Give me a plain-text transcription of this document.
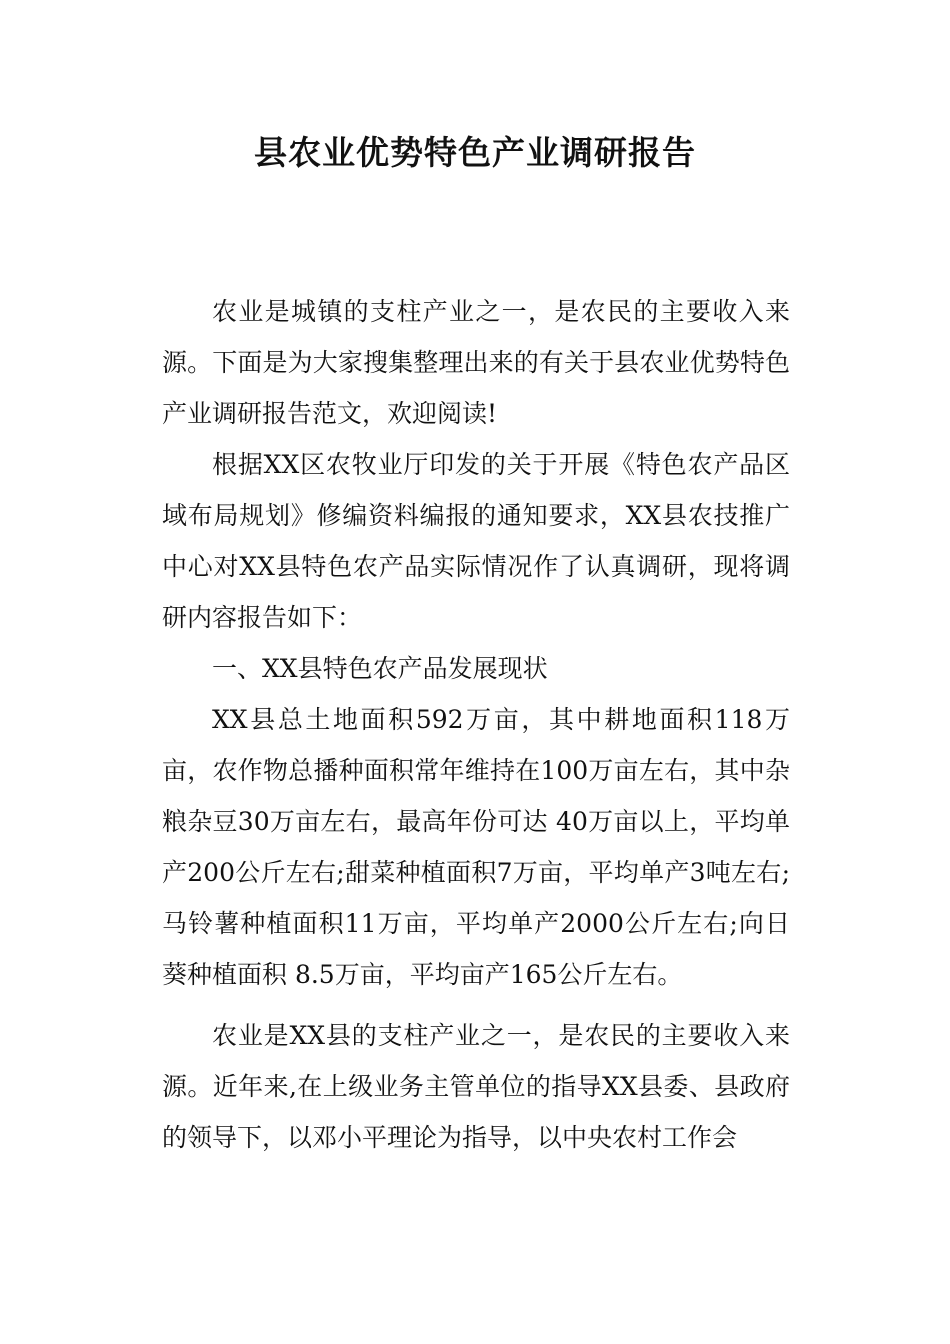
县农业优势特色产业调研报告

农业是城镇的支柱产业之一，是农民的主要收入来源。下面是为大家搜集整理出来的有关于县农业优势特色产业调研报告范文，欢迎阅读!

根据XX区农牧业厅印发的关于开展《特色农产品区域布局规划》修编资料编报的通知要求，XX县农技推广中心对XX县特色农产品实际情况作了认真调研，现将调研内容报告如下：

一、XX县特色农产品发展现状

XX县总土地面积592万亩，其中耕地面积118万亩，农作物总播种面积常年维持在100万亩左右，其中杂粮杂豆30万亩左右，最高年份可达 40万亩以上，平均单产200公斤左右;甜菜种植面积7万亩，平均单产3吨左右;马铃薯种植面积11万亩，平均单产2000公斤左右;向日葵种植面积 8.5万亩，平均亩产165公斤左右。

农业是XX县的支柱产业之一，是农民的主要收入来源。近年来,在上级业务主管单位的指导XX县委、县政府的领导下，以邓小平理论为指导，以中央农村工作会
